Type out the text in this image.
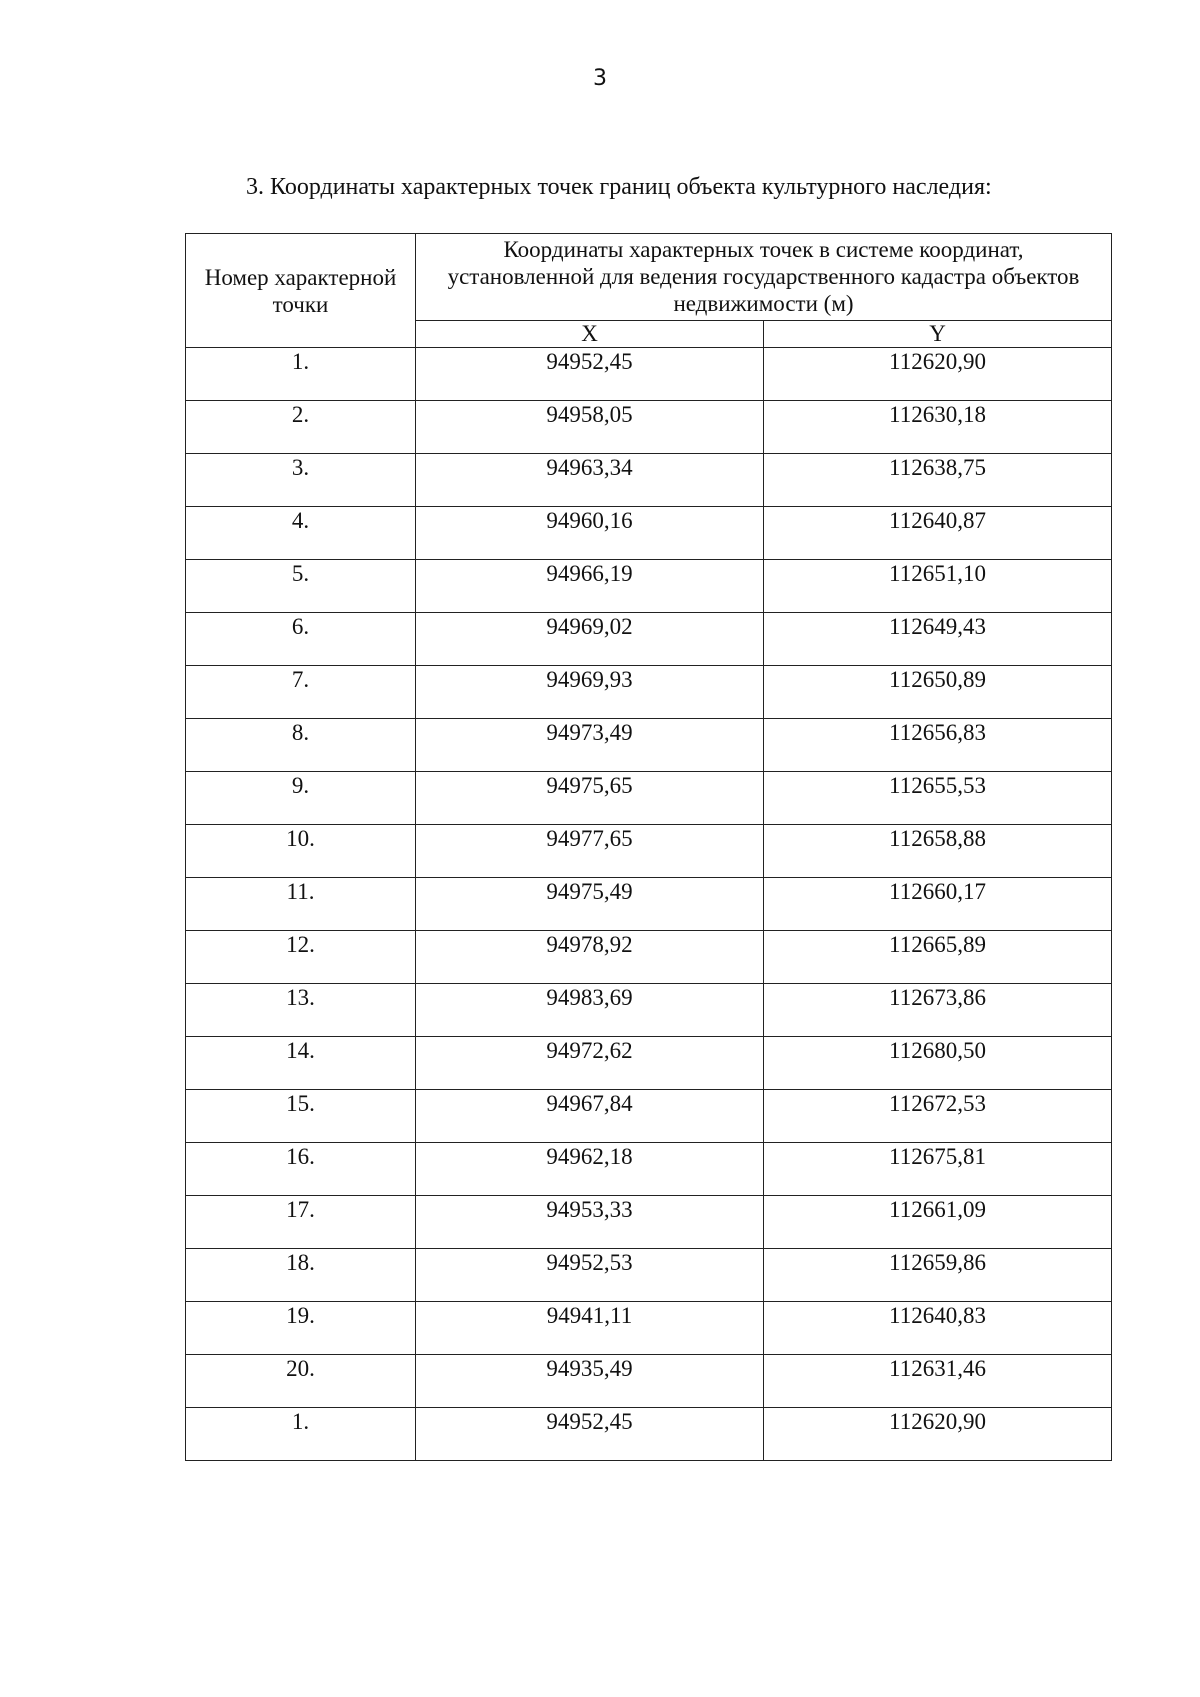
3
3. Координаты характерных точек границ объекта культурного наследия:
Номер характерной
точки	Координаты характерных точек в системе координат,
установленной для ведения государственного кадастра объектов
недвижимости (м)	
	X	Y
1.	94952,45	112620,90
2.	94958,05	112630,18
3.	94963,34	112638,75
4.	94960,16	112640,87
5.	94966,19	112651,10
6.	94969,02	112649,43
7.	94969,93	112650,89
8.	94973,49	112656,83
9.	94975,65	112655,53
10.	94977,65	112658,88
11.	94975,49	112660,17
12.	94978,92	112665,89
13.	94983,69	112673,86
14.	94972,62	112680,50
15.	94967,84	112672,53
16.	94962,18	112675,81
17.	94953,33	112661,09
18.	94952,53	112659,86
19.	94941,11	112640,83
20.	94935,49	112631,46
1.	94952,45	112620,90
